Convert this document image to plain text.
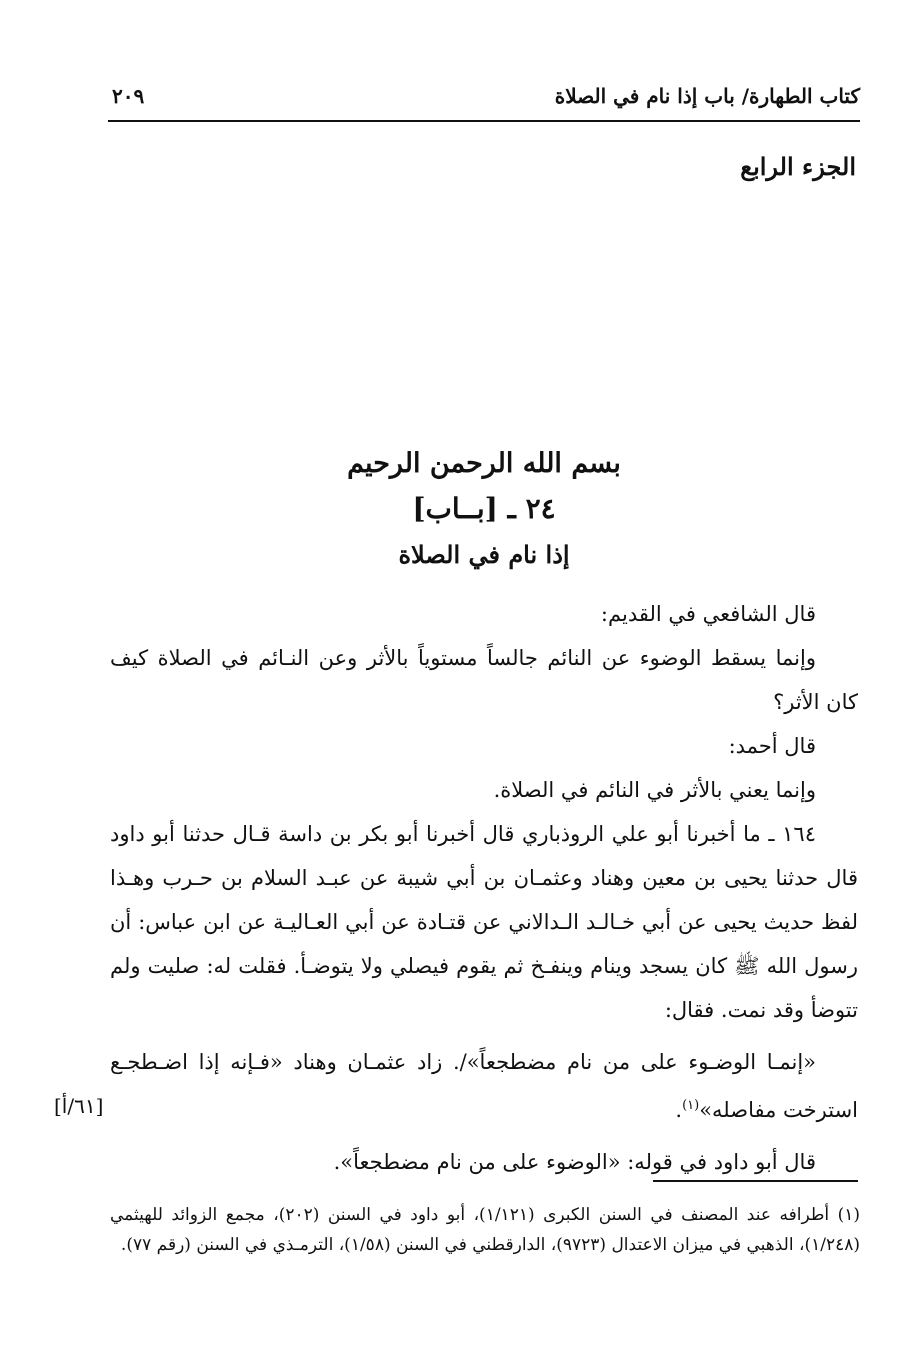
كتاب الطهارة/ باب إذا نام في الصلاة
٢٠٩
الجزء الرابع
بسم الله الرحمن الرحيم
٢٤ ـ [بــاب]
إذا نام في الصلاة

قال الشافعي في القديم:

وإنما يسقط الوضوء عن النائم جالساً مستوياً بالأثر وعن النـائم في الصلاة كيف كان الأثر؟

قال أحمد:

وإنما يعني بالأثر في النائم في الصلاة.

١٦٤ ـ ما أخبرنا أبو علي الروذباري قال أخبرنا أبو بكر بن داسة قـال حدثنا أبو داود قال حدثنا يحيى بن معين وهناد وعثمـان بن أبي شيبة عن عبـد السلام بن حـرب وهـذا لفظ حديث يحيى عن أبي خـالـد الـدالاني عن قتـادة عن أبي العـاليـة عن ابن عباس: أن رسول الله ﷺ كان يسجد وينام وينفـخ ثم يقوم فيصلي ولا يتوضـأ. فقلت له: صليت ولم تتوضأ وقد نمت. فقال:

«إنمـا الوضـوء على من نام مضطجعاً»/. زاد عثمـان وهناد «فـإنه إذا اضـطجـع استرخت مفاصله»$^{(١)}$.
[٦١/أ]

قال أبو داود في قوله: «الوضوء على من نام مضطجعاً».

(١) أطرافه عند المصنف في السنن الكبرى (١/١٢١)، أبو داود في السنن (٢٠٢)، مجمع الزوائد للهيثمي (١/٢٤٨)، الذهبي في ميزان الاعتدال (٩٧٢٣)، الدارقطني في السنن (١/٥٨)، الترمـذي في السنن (رقم ٧٧).
